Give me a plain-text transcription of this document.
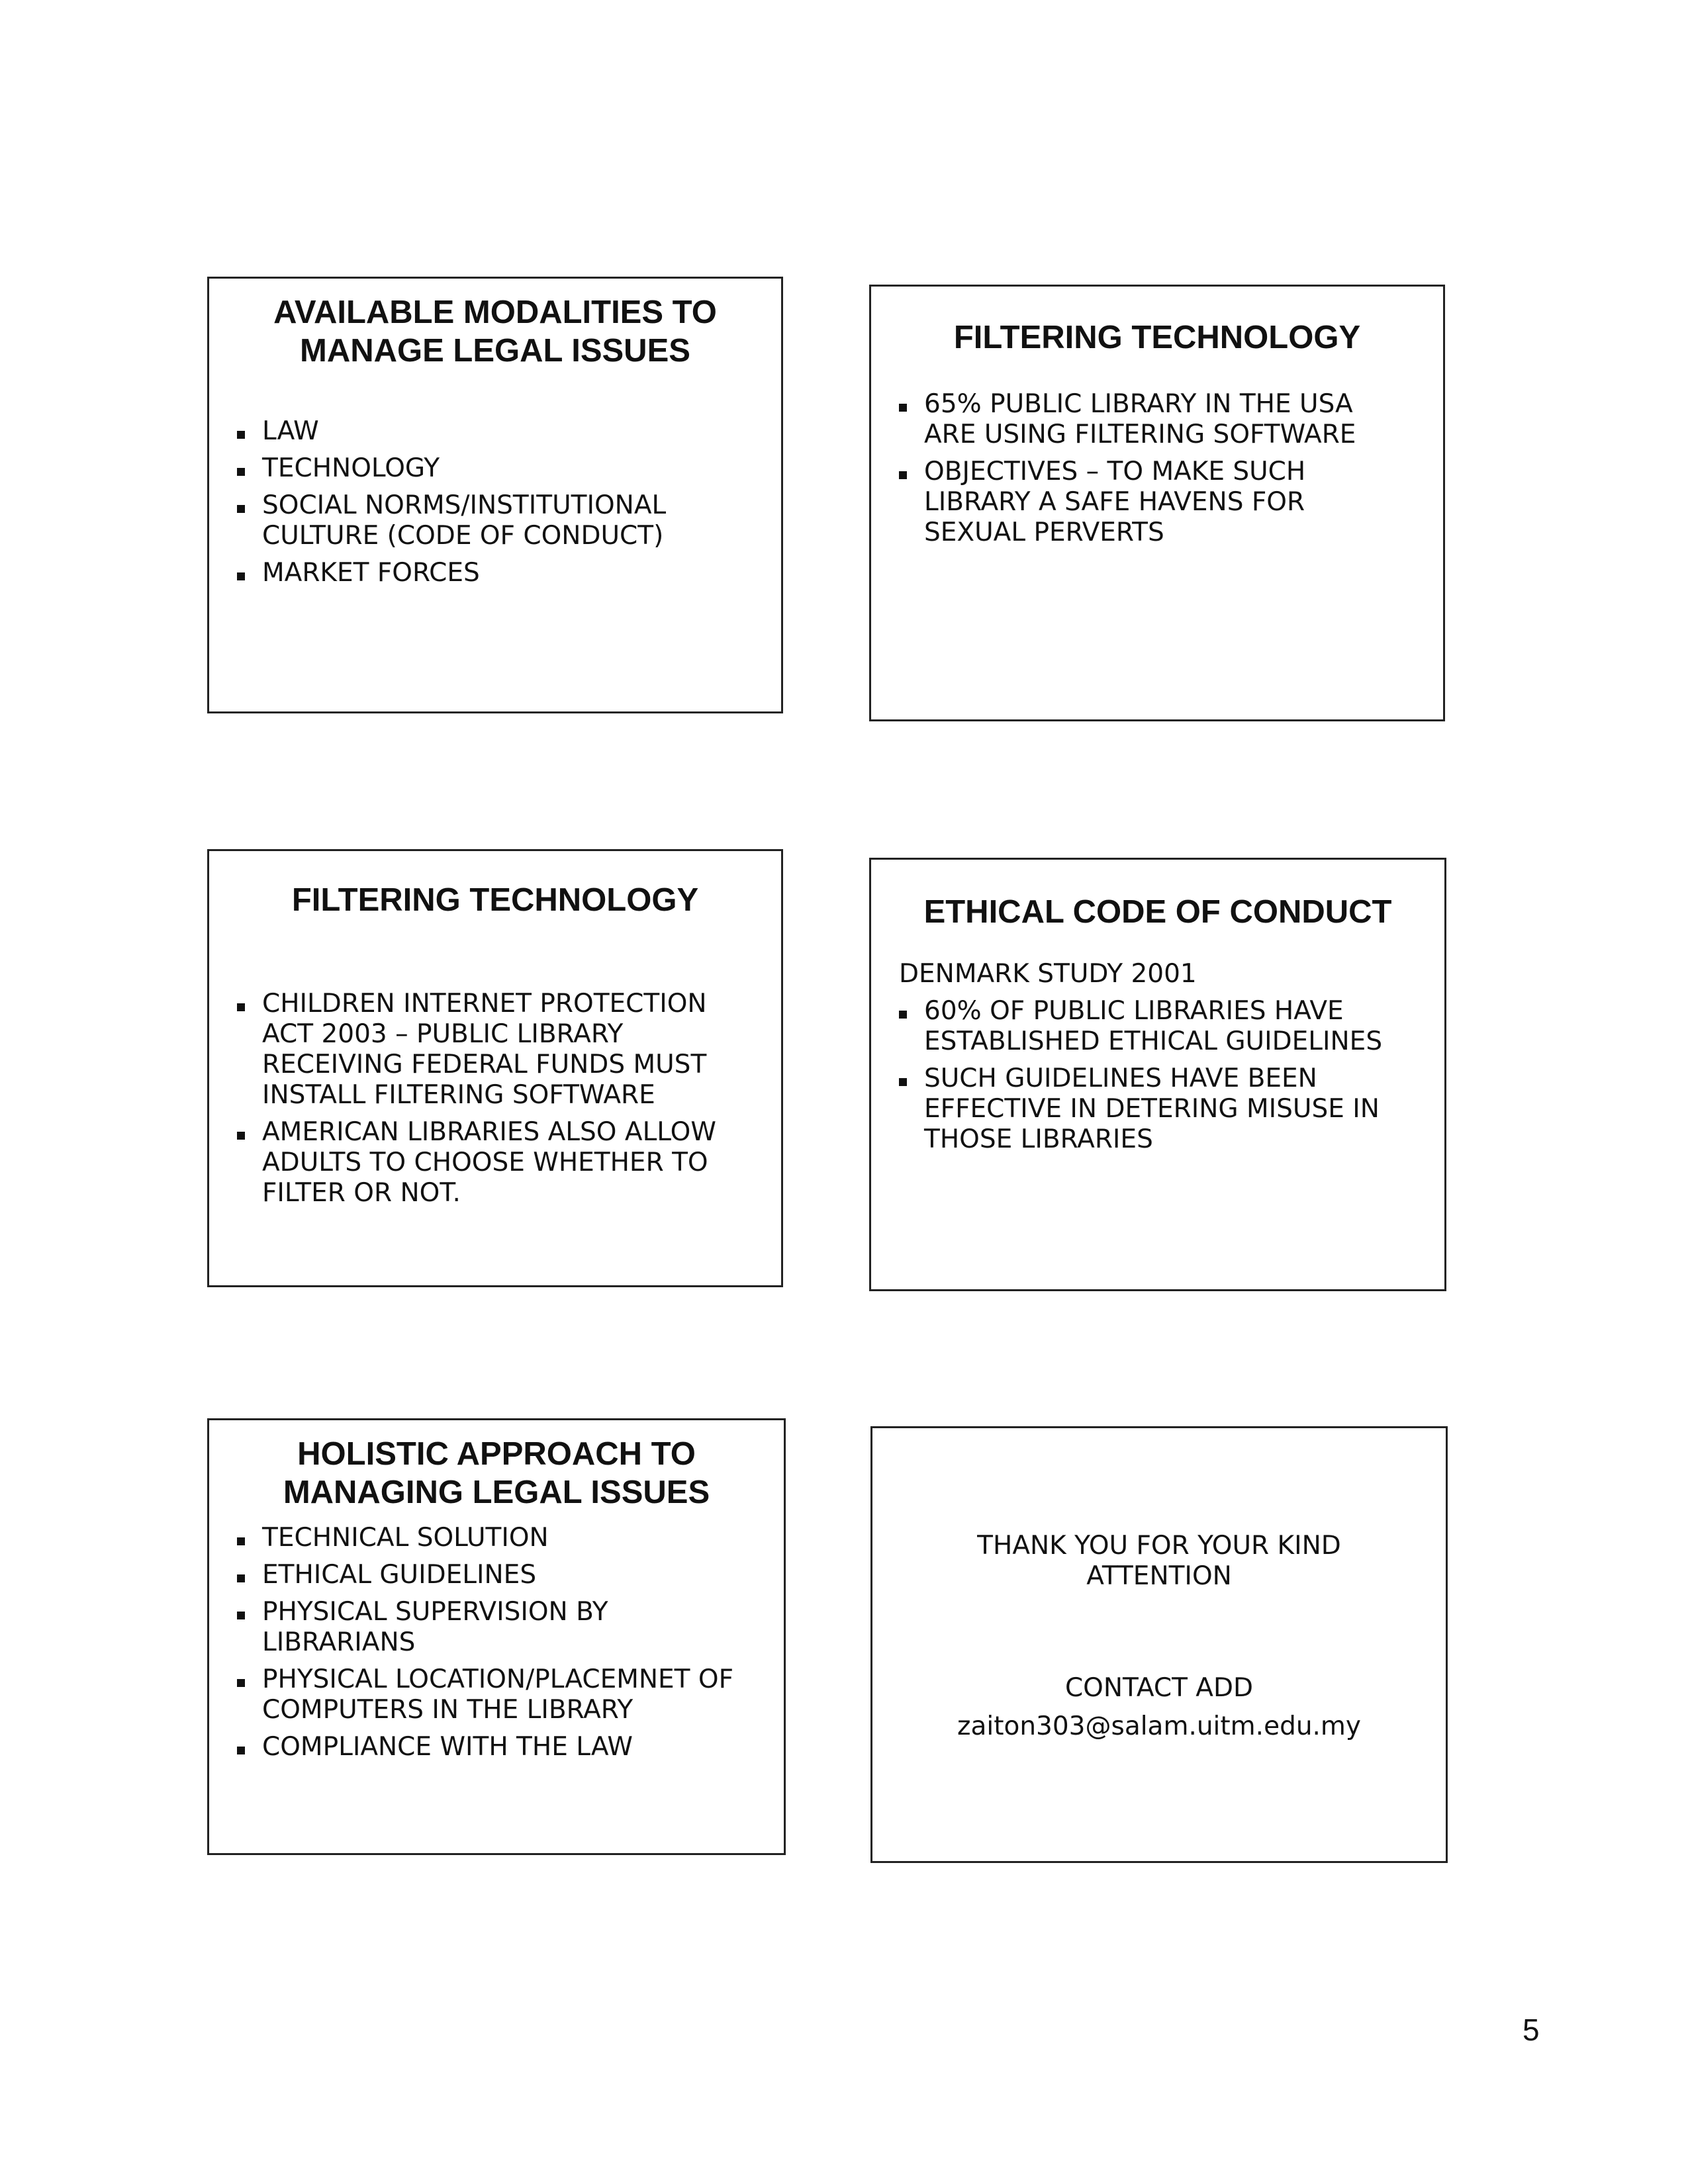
AVAILABLE MODALITIES TO
MANAGE LEGAL ISSUES
LAW
TECHNOLOGY
SOCIAL NORMS/INSTITUTIONAL
CULTURE (CODE OF CONDUCT)
MARKET FORCES
FILTERING TECHNOLOGY
65% PUBLIC LIBRARY IN THE USA
ARE USING FILTERING SOFTWARE
OBJECTIVES – TO MAKE SUCH
LIBRARY A SAFE HAVENS FOR
SEXUAL PERVERTS
FILTERING TECHNOLOGY
CHILDREN INTERNET PROTECTION
ACT 2003 – PUBLIC LIBRARY
RECEIVING FEDERAL FUNDS MUST
INSTALL FILTERING SOFTWARE
AMERICAN LIBRARIES ALSO ALLOW
ADULTS TO CHOOSE WHETHER TO
FILTER OR NOT.
ETHICAL CODE OF CONDUCT
DENMARK STUDY 2001
60% OF PUBLIC LIBRARIES HAVE
ESTABLISHED ETHICAL GUIDELINES
SUCH GUIDELINES HAVE BEEN
EFFECTIVE IN DETERING MISUSE IN
THOSE LIBRARIES
HOLISTIC APPROACH TO
MANAGING LEGAL ISSUES
TECHNICAL SOLUTION
ETHICAL GUIDELINES
PHYSICAL SUPERVISION BY
LIBRARIANS
PHYSICAL LOCATION/PLACEMNET OF
COMPUTERS IN THE LIBRARY
COMPLIANCE WITH THE LAW
THANK YOU FOR YOUR KIND
ATTENTION
CONTACT ADD
zaiton303@salam.uitm.edu.my
5
